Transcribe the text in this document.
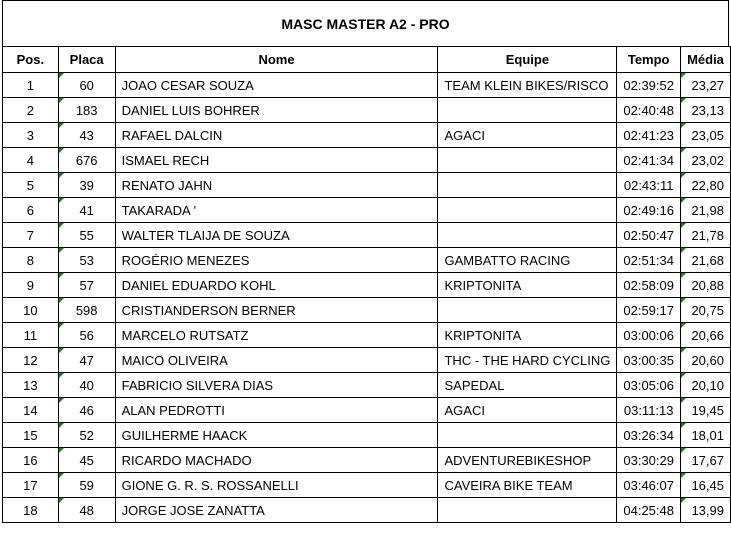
MASC MASTER A2 - PRO
Pos.	Placa	Nome	Equipe	Tempo	Média
1	60	JOAO CESAR SOUZA	TEAM KLEIN BIKES/RISCO	02:39:52	23,27
2	183	DANIEL LUIS BOHRER		02:40:48	23,13
3	43	RAFAEL DALCIN	AGACI	02:41:23	23,05
4	676	ISMAEL RECH		02:41:34	23,02
5	39	RENATO JAHN		02:43:11	22,80
6	41	TAKARADA '		02:49:16	21,98
7	55	WALTER TLAIJA DE SOUZA		02:50:47	21,78
8	53	ROGÉRIO MENEZES	GAMBATTO RACING	02:51:34	21,68
9	57	DANIEL EDUARDO KOHL	KRIPTONITA	02:58:09	20,88
10	598	CRISTIANDERSON BERNER		02:59:17	20,75
11	56	MARCELO RUTSATZ	KRIPTONITA	03:00:06	20,66
12	47	MAICO OLIVEIRA	THC - THE HARD CYCLING	03:00:35	20,60
13	40	FABRICIO SILVERA DIAS	SAPEDAL	03:05:06	20,10
14	46	ALAN PEDROTTI	AGACI	03:11:13	19,45
15	52	GUILHERME HAACK		03:26:34	18,01
16	45	RICARDO MACHADO	ADVENTUREBIKESHOP	03:30:29	17,67
17	59	GIONE G. R. S. ROSSANELLI	CAVEIRA BIKE TEAM	03:46:07	16,45
18	48	JORGE JOSE ZANATTA		04:25:48	13,99
